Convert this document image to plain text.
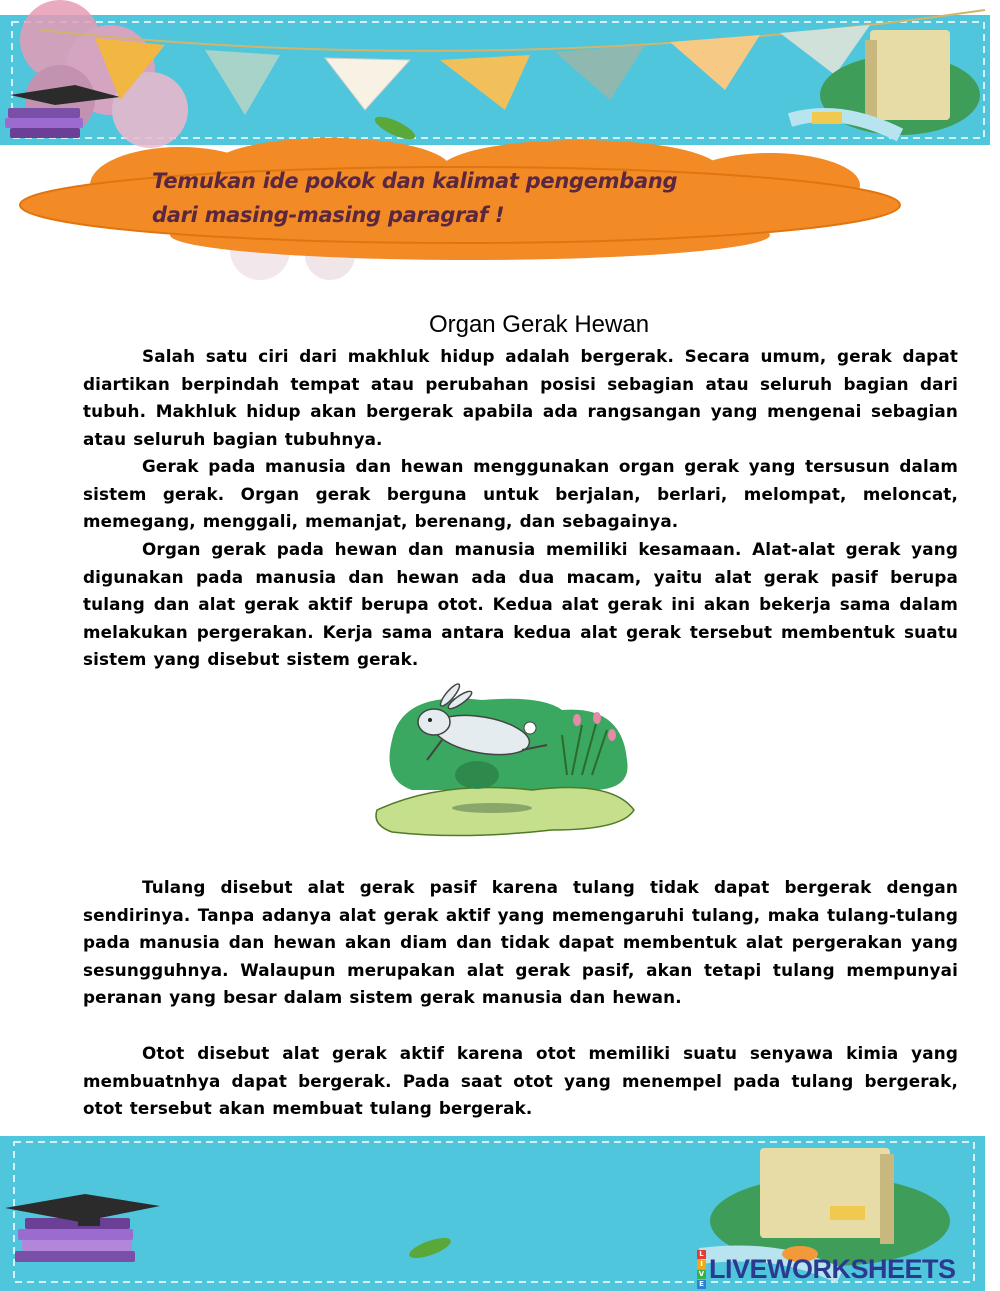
Temukan ide pokok dan kalimat pengembang
dari masing-masing paragraf !
Organ Gerak Hewan

Salah satu ciri dari makhluk hidup adalah bergerak. Secara umum, gerak dapat diartikan berpindah tempat atau perubahan posisi sebagian atau seluruh bagian dari tubuh. Makhluk hidup akan bergerak apabila ada rangsangan yang mengenai sebagian atau seluruh bagian tubuhnya.

Gerak pada manusia dan hewan menggunakan organ gerak yang tersusun dalam sistem gerak. Organ gerak berguna untuk berjalan, berlari, melompat, meloncat, memegang, menggali, memanjat, berenang, dan sebagainya.

Organ gerak pada hewan dan manusia memiliki kesamaan. Alat-alat gerak yang digunakan pada manusia dan hewan ada dua macam, yaitu alat gerak pasif berupa tulang dan alat gerak aktif berupa otot. Kedua alat gerak ini akan bekerja sama dalam melakukan pergerakan. Kerja sama antara kedua alat gerak tersebut membentuk suatu sistem yang disebut sistem gerak.

Tulang disebut alat gerak pasif karena tulang tidak dapat bergerak dengan sendirinya. Tanpa adanya alat gerak aktif yang memengaruhi tulang, maka tulang-tulang pada manusia dan hewan akan diam dan tidak dapat membentuk alat pergerakan yang sesungguhnya. Walaupun merupakan alat gerak pasif, akan tetapi tulang mempunyai peranan yang besar dalam sistem gerak manusia dan hewan.

Otot disebut alat gerak aktif karena otot memiliki suatu senyawa kimia yang membuatnhya dapat bergerak. Pada saat otot yang menempel pada tulang bergerak, otot tersebut akan membuat tulang bergerak.

L
I
V
E LIVEWORKSHEETS
